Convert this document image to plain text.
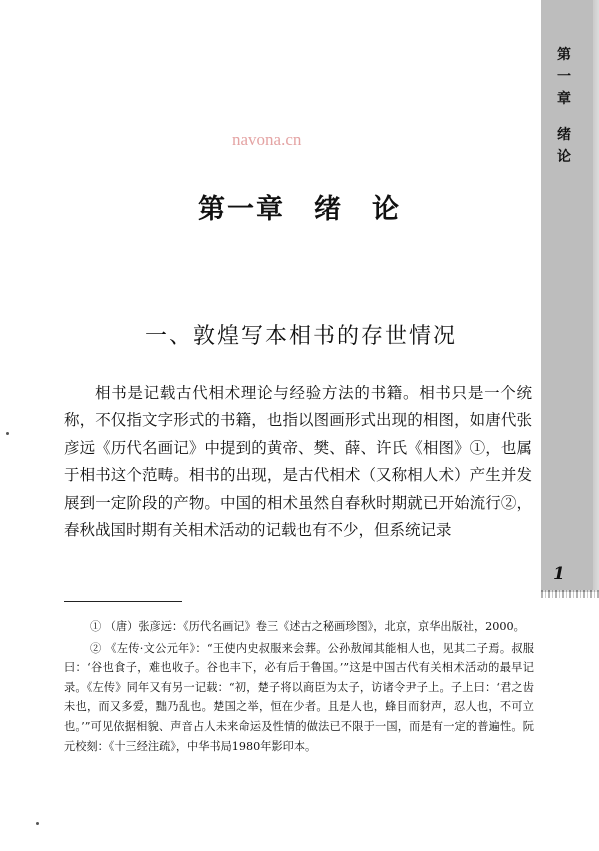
第
一
章
绪
论
1
navona.cn
第一章　绪　论
一、敦煌写本相书的存世情况

相书是记载古代相术理论与经验方法的书籍。相书只是一个统称，不仅指文字形式的书籍，也指以图画形式出现的相图，如唐代张彦远《历代名画记》中提到的黄帝、樊、薛、许氏《相图》①，也属于相书这个范畴。相书的出现，是古代相术（又称相人术）产生并发展到一定阶段的产物。中国的相术虽然自春秋时期就已开始流行②，春秋战国时期有关相术活动的记载也有不少，但系统记录

① （唐）张彦远：《历代名画记》卷三《述古之秘画珍图》，北京，京华出版社，2000。

② 《左传·文公元年》：“王使内史叔服来会葬。公孙敖闻其能相人也，见其二子焉。叔服曰：‘谷也食子，难也收子。谷也丰下，必有后于鲁国。’”这是中国古代有关相术活动的最早记录。《左传》同年又有另一记载：“初，楚子将以商臣为太子，访诸令尹子上。子上曰：‘君之齿未也，而又多爱，黜乃乱也。楚国之举，恒在少者。且是人也，蜂目而豺声，忍人也，不可立也。’”可见依据相貌、声音占人未来命运及性情的做法已不限于一国，而是有一定的普遍性。阮元校刻：《十三经注疏》，中华书局1980年影印本。
